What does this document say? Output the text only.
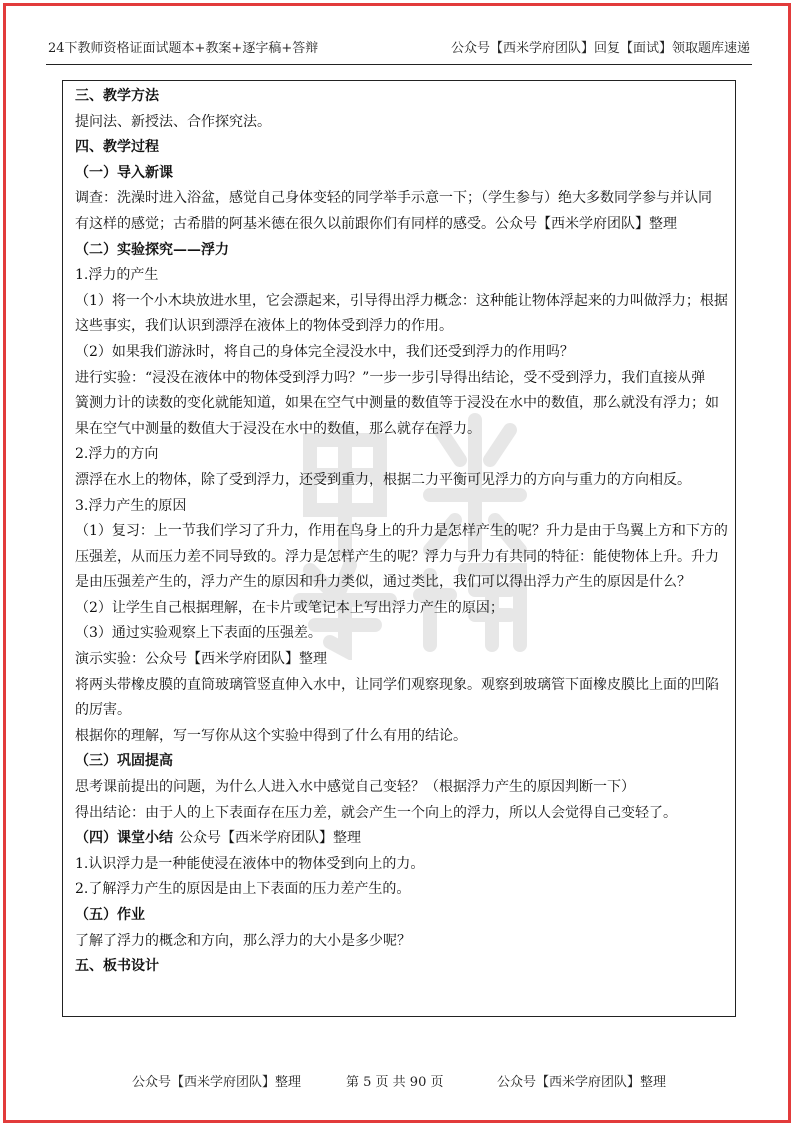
24下教师资格证面试题本+教案+逐字稿+答辩	公众号【西米学府团队】回复【面试】领取题库速递
三、教学方法
提问法、新授法、合作探究法。
四、教学过程
（一）导入新课
调查：洗澡时进入浴盆，感觉自己身体变轻的同学举手示意一下；（学生参与）绝大多数同学参与并认同
有这样的感觉；古希腊的阿基米德在很久以前跟你们有同样的感受。公众号【西米学府团队】整理
（二）实验探究——浮力
1.浮力的产生
（1）将一个小木块放进水里，它会漂起来，引导得出浮力概念：这种能让物体浮起来的力叫做浮力；根据
这些事实，我们认识到漂浮在液体上的物体受到浮力的作用。
（2）如果我们游泳时，将自己的身体完全浸没水中，我们还受到浮力的作用吗？
进行实验：“浸没在液体中的物体受到浮力吗？”一步一步引导得出结论，受不受到浮力，我们直接从弹
簧测力计的读数的变化就能知道，如果在空气中测量的数值等于浸没在水中的数值，那么就没有浮力；如
果在空气中测量的数值大于浸没在水中的数值，那么就存在浮力。
2.浮力的方向
漂浮在水上的物体，除了受到浮力，还受到重力，根据二力平衡可见浮力的方向与重力的方向相反。
3.浮力产生的原因
（1）复习：上一节我们学习了升力，作用在鸟身上的升力是怎样产生的呢？升力是由于鸟翼上方和下方的
压强差，从而压力差不同导致的。浮力是怎样产生的呢？浮力与升力有共同的特征：能使物体上升。升力
是由压强差产生的，浮力产生的原因和升力类似，通过类比，我们可以得出浮力产生的原因是什么？
（2）让学生自己根据理解，在卡片或笔记本上写出浮力产生的原因；
（3）通过实验观察上下表面的压强差。
演示实验：公众号【西米学府团队】整理
将两头带橡皮膜的直筒玻璃管竖直伸入水中，让同学们观察现象。观察到玻璃管下面橡皮膜比上面的凹陷
的厉害。
根据你的理解，写一写你从这个实验中得到了什么有用的结论。
（三）巩固提高
思考课前提出的问题，为什么人进入水中感觉自己变轻？（根据浮力产生的原因判断一下）
得出结论：由于人的上下表面存在压力差，就会产生一个向上的浮力，所以人会觉得自己变轻了。
（四）课堂小结 公众号【西米学府团队】整理
1.认识浮力是一种能使浸在液体中的物体受到向上的力。
2.了解浮力产生的原因是由上下表面的压力差产生的。
（五）作业
了解了浮力的概念和方向，那么浮力的大小是多少呢？
五、板书设计
公众号【西米学府团队】整理	第 5 页 共 90 页	公众号【西米学府团队】整理
